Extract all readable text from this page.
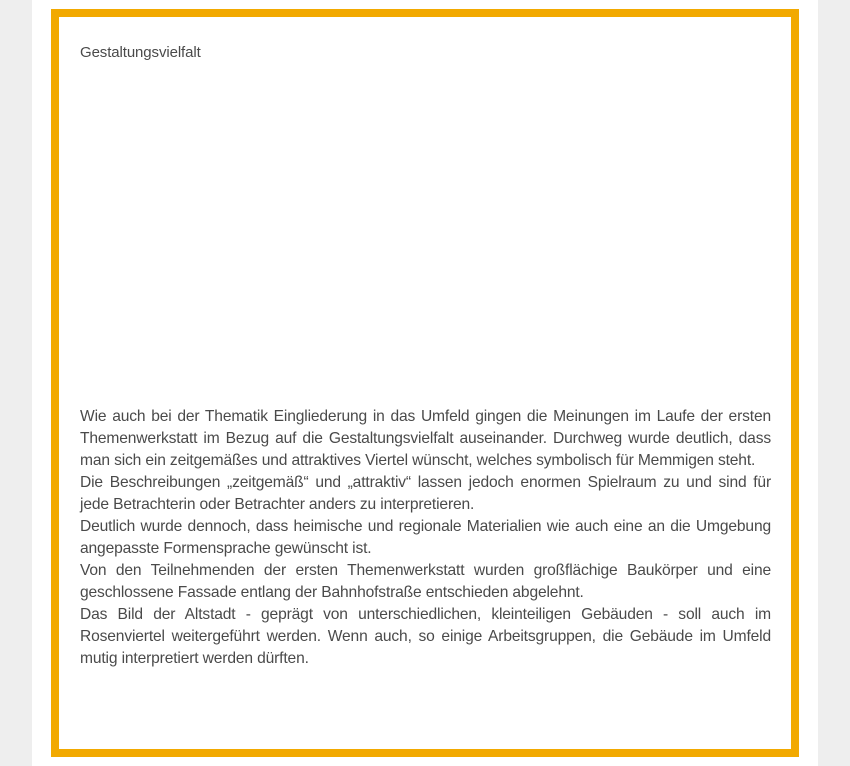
Gestaltungsvielfalt

Wie auch bei der Thematik Eingliederung in das Umfeld gingen die Meinungen im Laufe der ersten Themenwerkstatt im Bezug auf die Gestaltungsvielfalt auseinander. Durchweg wurde deutlich, dass man sich ein zeitgemäßes und attraktives Viertel wünscht, welches symbolisch für Memmigen steht.

Die Beschreibungen „zeitgemäß“ und „attraktiv“ lassen jedoch enormen Spielraum zu und sind für jede Betrachterin oder Betrachter anders zu interpretieren.

Deutlich wurde dennoch, dass heimische und regionale Materialien wie auch eine an die Umgebung angepasste Formensprache gewünscht ist.

Von den Teilnehmenden der ersten Themenwerkstatt wurden großflächige Baukörper und eine geschlossene Fassade entlang der Bahnhofstraße entschieden abgelehnt.

Das Bild der Altstadt - geprägt von unterschiedlichen, kleinteiligen Gebäuden - soll auch im Rosenviertel weitergeführt werden. Wenn auch, so einige Arbeitsgruppen, die Gebäude im Umfeld mutig interpretiert werden dürften.
